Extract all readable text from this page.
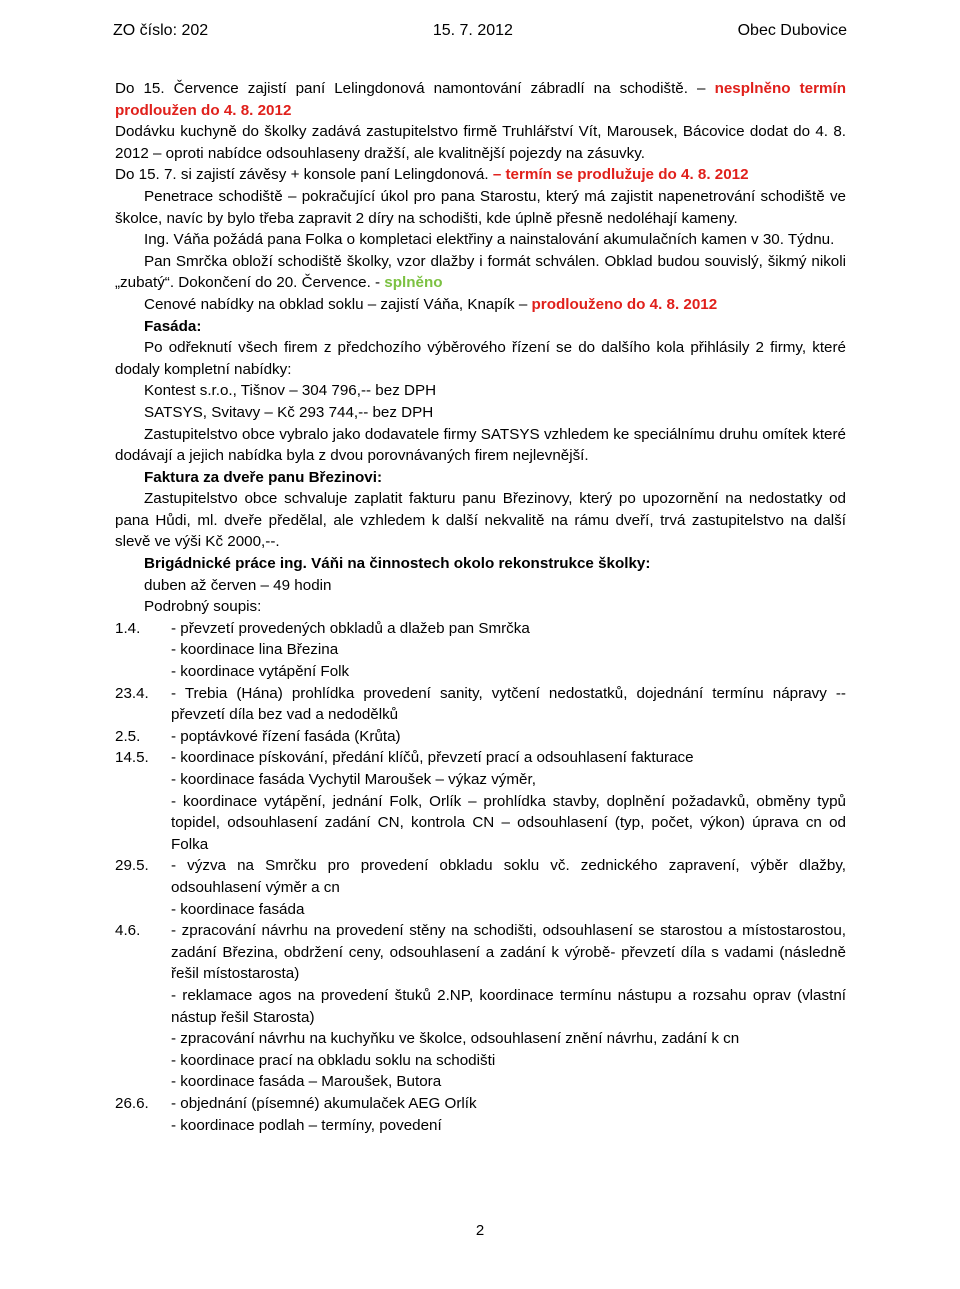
ZO číslo: 202	15. 7. 2012	Obec Dubovice

Do 15. Července zajistí paní Lelingdonová namontování zábradlí na schodiště. – nesplněno termín prodloužen do 4. 8. 2012

Dodávku kuchyně do školky zadává zastupitelstvo firmě Truhlářství Vít, Marousek, Bácovice dodat do 4. 8. 2012 – oproti nabídce odsouhlaseny dražší, ale kvalitnější pojezdy na zásuvky.

Do 15. 7. si zajistí závěsy + konsole paní Lelingdonová. – termín se prodlužuje do 4. 8. 2012

Penetrace schodiště – pokračující úkol pro pana Starostu, který má zajistit napenetrování schodiště ve školce, navíc by bylo třeba zapravit 2 díry na schodišti, kde úplně přesně nedoléhají kameny.

Ing. Váňa požádá pana Folka o kompletaci elektřiny a nainstalování akumulačních kamen v 30. Týdnu.

Pan Smrčka obloží schodiště školky, vzor dlažby i formát schválen. Obklad budou souvislý, šikmý nikoli „zubatý“. Dokončení do 20. Července. - splněno

Cenové nabídky na obklad soklu – zajistí Váňa, Knapík – prodlouženo do 4. 8. 2012

Fasáda:

Po odřeknutí všech firem z předchozího výběrového řízení se do dalšího kola přihlásily 2 firmy, které dodaly kompletní nabídky:

Kontest s.r.o., Tišnov – 304 796,-- bez DPH

SATSYS, Svitavy – Kč 293 744,-- bez DPH

Zastupitelstvo obce vybralo jako dodavatele firmy SATSYS vzhledem ke speciálnímu druhu omítek které dodávají a jejich nabídka byla z dvou porovnávaných firem nejlevnější.

Faktura za dveře panu Březinovi:

Zastupitelstvo obce schvaluje zaplatit fakturu panu Březinovy, který po upozornění na nedostatky od pana Hůdi, ml. dveře předělal, ale vzhledem k další nekvalitě na rámu dveří, trvá zastupitelstvo na další slevě ve výši Kč 2000,--.

Brigádnické práce ing. Váňi na činnostech okolo rekonstrukce školky:

duben až červen – 49 hodin

Podrobný soupis:

1.4.	- převzetí provedených obkladů a dlažeb pan Smrčka
- koordinace lina Březina
- koordinace vytápění Folk
23.4.	- Trebia (Hána) prohlídka provedení sanity, vytčení nedostatků, dojednání termínu nápravy -- převzetí díla bez vad a nedodělků
2.5.	- poptávkové řízení fasáda (Krůta)
14.5.	- koordinace pískování, předání klíčů, převzetí prací a odsouhlasení fakturace
- koordinace fasáda Vychytil Maroušek – výkaz výměr,
- koordinace vytápění, jednání Folk, Orlík – prohlídka stavby, doplnění požadavků, obměny typů topidel, odsouhlasení zadání CN, kontrola CN – odsouhlasení (typ, počet, výkon) úprava cn od Folka
29.5.	- výzva na Smrčku pro provedení obkladu soklu vč. zednického zapravení, výběr dlažby, odsouhlasení výměr a cn
- koordinace fasáda
4.6.	- zpracování návrhu na provedení stěny na schodišti, odsouhlasení se starostou a místostarostou, zadání Březina, obdržení ceny, odsouhlasení a zadání k výrobě- převzetí díla s vadami (následně řešil místostarosta)
- reklamace agos na provedení štuků 2.NP, koordinace termínu nástupu a rozsahu oprav (vlastní nástup řešil Starosta)
- zpracování návrhu na kuchyňku ve školce, odsouhlasení znění návrhu, zadání k cn
- koordinace prací na obkladu soklu na schodišti
- koordinace fasáda – Maroušek, Butora
26.6.	- objednání (písemné) akumulaček AEG Orlík
- koordinace podlah – termíny, povedení
2
